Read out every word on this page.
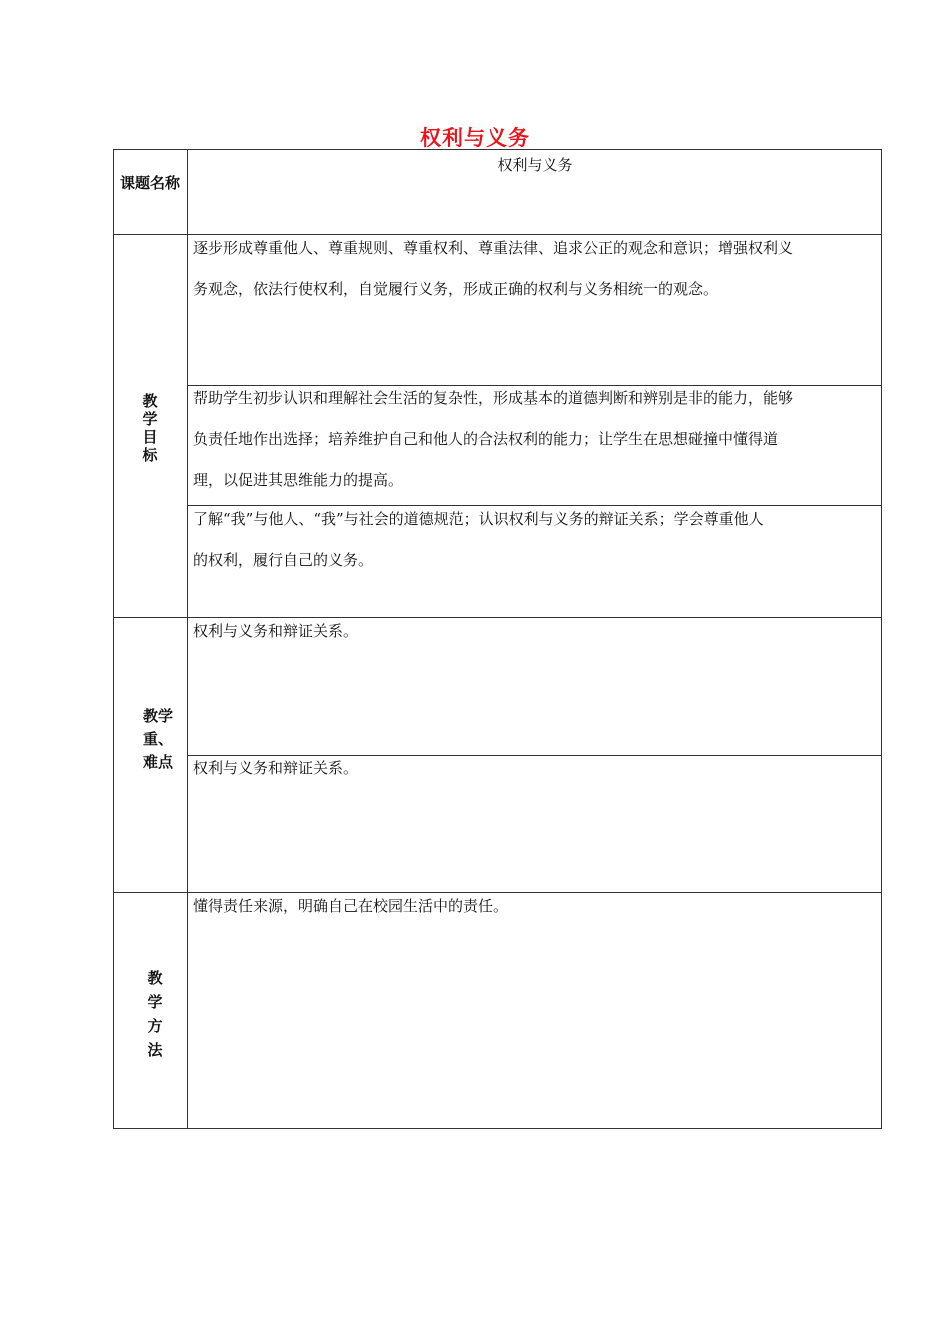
权利与义务
课题名称
权利与义务
教学目标
逐步形成尊重他人、尊重规则、尊重权利、尊重法律、追求公正的观念和意识；增强权利义
务观念，依法行使权利，自觉履行义务，形成正确的权利与义务相统一的观念。
帮助学生初步认识和理解社会生活的复杂性，形成基本的道德判断和辨别是非的能力，能够
负责任地作出选择；培养维护自己和他人的合法权利的能力；让学生在思想碰撞中懂得道
理，以促进其思维能力的提高。
了解“我”与他人、“我”与社会的道德规范；认识权利与义务的辩证关系；学会尊重他人
的权利，履行自己的义务。
教学重、难点
权利与义务和辩证关系。
权利与义务和辩证关系。
教学方法
懂得责任来源，明确自己在校园生活中的责任。
